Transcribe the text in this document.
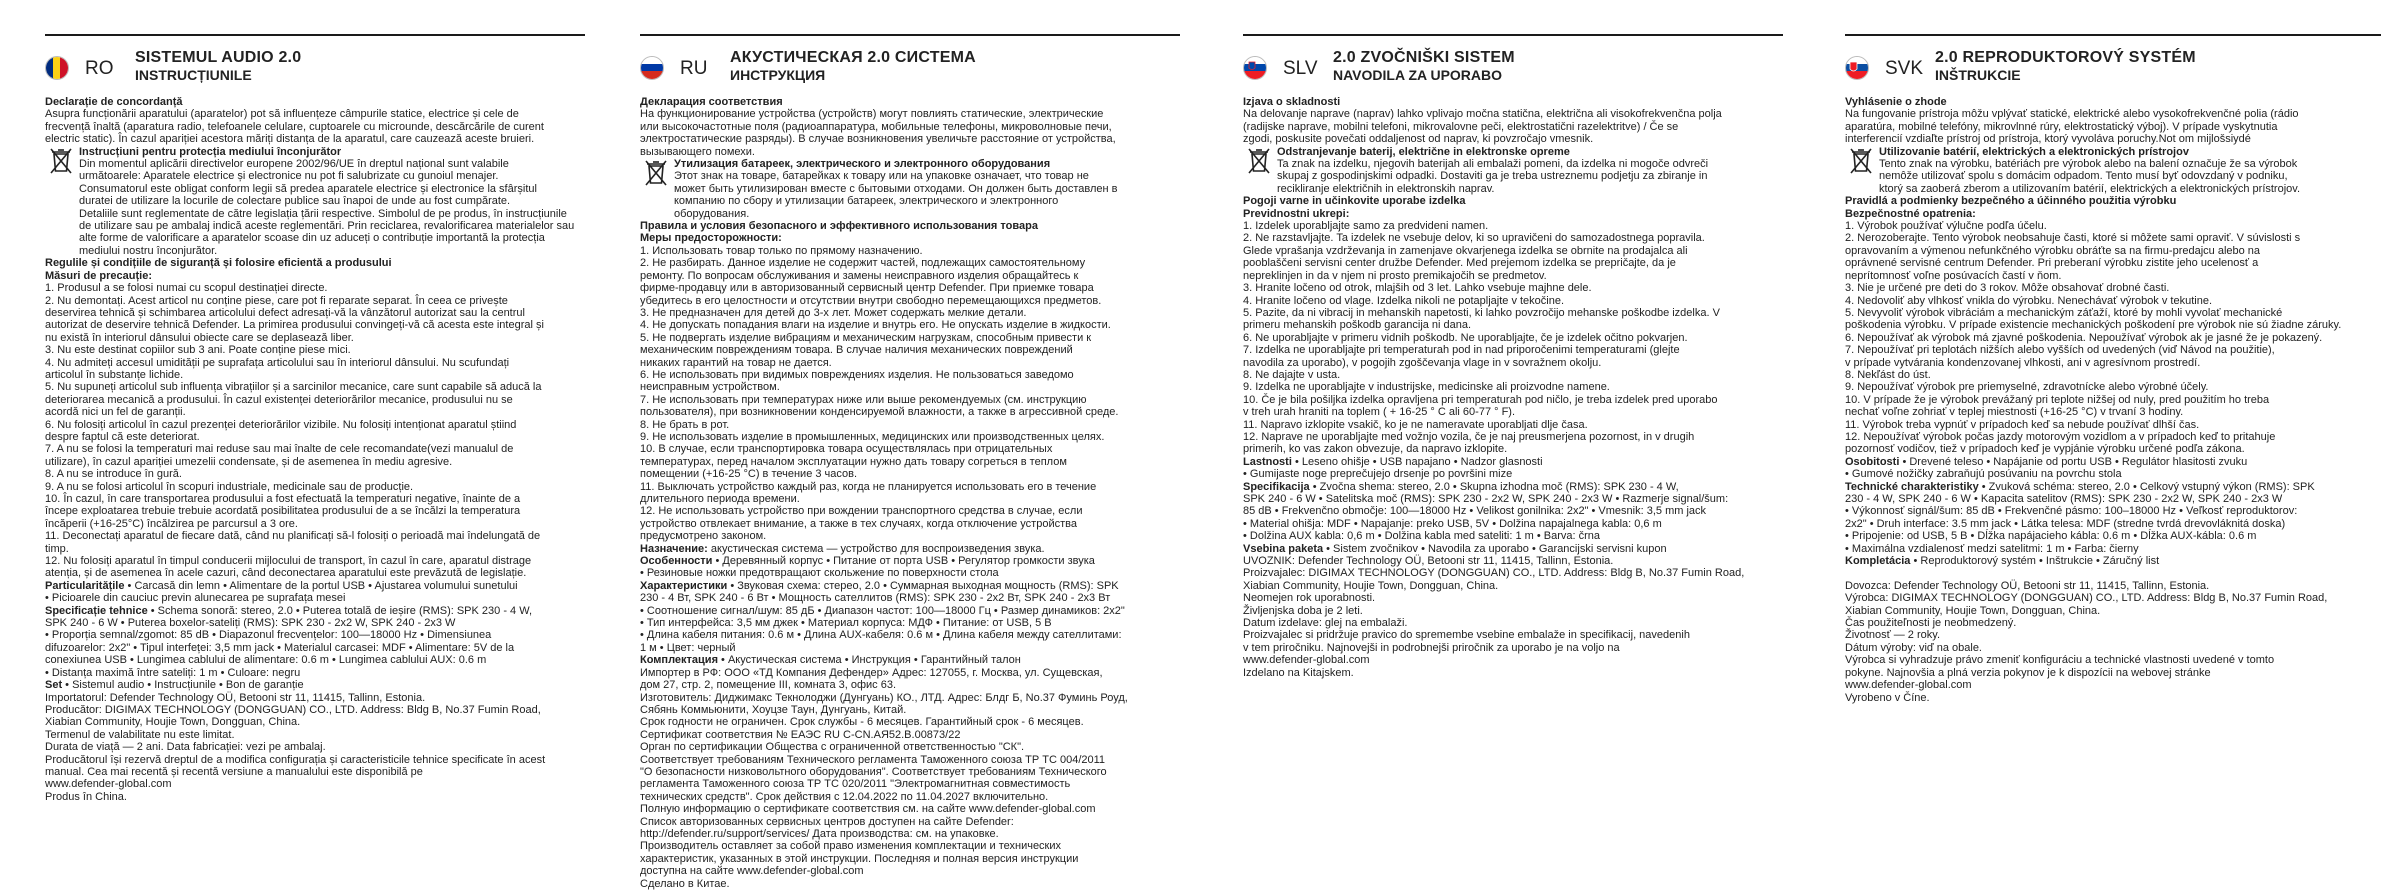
RO
SISTEMUL AUDIO 2.0
INSTRUCȚIUNILE

Declarație de concordanță

Asupra funcționării aparatului (aparatelor) pot să influențeze câmpurile statice, electrice și cele de

frecvență înaltă (aparatura radio, telefoanele celulare, cuptoarele cu microunde, descărcările de curent

electric static). În cazul apariției acestora măriți distanța de la aparatul, care cauzează aceste bruieri.

Instrucțiuni pentru protecția mediului înconjurător

Din momentul aplicării directivelor europene 2002/96/UE în dreptul național sunt valabile

următoarele: Aparatele electrice și electronice nu pot fi salubrizate cu gunoiul menajer.

Consumatorul este obligat conform legii să predea aparatele electrice și electronice la sfârșitul

duratei de utilizare la locurile de colectare publice sau înapoi de unde au fost cumpărate.

Detaliile sunt reglementate de către legislația țării respective. Simbolul de pe produs, în instrucțiunile

de utilizare sau pe ambalaj indică aceste reglementări. Prin reciclarea, revalorificarea materialelor sau

alte forme de valorificare a aparatelor scoase din uz aduceți o contribuție importantă la protecția

mediului nostru înconjurător.

Regulile și condițiile de siguranță și folosire eficientă a produsului

Măsuri de precauție:

1. Produsul a se folosi numai cu scopul destinației directe.

2. Nu demontați. Acest articol nu conține piese, care pot fi reparate separat. În ceea ce privește

deservirea tehnică și schimbarea articolului defect adresați-vă la vânzătorul autorizat sau la centrul

autorizat de deservire tehnică Defender. La primirea produsului convingeți-vă că acesta este integral și

nu există în interiorul dânsului obiecte care se deplasează liber.

3. Nu este destinat copiilor sub 3 ani. Poate conține piese mici.

4. Nu admiteți accesul umidității pe suprafața articolului sau în interiorul dânsului. Nu scufundați

articolul în substanțe lichide.

5. Nu supuneți articolul sub influența vibrațiilor și a sarcinilor mecanice, care sunt capabile să aducă la

deteriorarea mecanică a produsului. În cazul existenței deteriorărilor mecanice, produsului nu se

acordă nici un fel de garanții.

6. Nu folosiți articolul în cazul prezenței deteriorărilor vizibile. Nu folosiți intenționat aparatul știind

despre faptul că este deteriorat.

7. A nu se folosi la temperaturi mai reduse sau mai înalte de cele recomandate(vezi manualul de

utilizare), în cazul apariției umezelii condensate, și de asemenea în mediu agresive.

8. A nu se introduce în gură.

9. A nu se folosi articolul în scopuri industriale, medicinale sau de producție.

10. În cazul, în care transportarea produsului a fost efectuată la temperaturi negative, înainte de a

începe exploatarea trebuie trebuie acordată posibilitatea produsului de a se încălzi la temperatura

încăperii (+16-25°C) încălzirea pe parcursul a 3 ore.

11. Deconectați aparatul de fiecare dată, când nu planificați să-l folosiți o perioadă mai îndelungată de

timp.

12. Nu folosiți aparatul în timpul conducerii mijlocului de transport, în cazul în care, aparatul distrage

atenția, și de asemenea în acele cazuri, când deconectarea aparatului este prevăzută de legislație.

Particularitățile • Carcasă din lemn • Alimentare de la portul USB • Ajustarea volumului sunetului

• Picioarele din cauciuc previn alunecarea pe suprafața mesei

Specificație tehnice • Schema sonoră: stereo, 2.0 • Puterea totală de ieșire (RMS): SPK 230 - 4 W,

SPK 240 - 6 W • Puterea boxelor-sateliți (RMS): SPK 230 - 2x2 W, SPK 240 - 2x3 W

• Proporția semnal/zgomot: 85 dB • Diapazonul frecvențelor: 100—18000 Hz • Dimensiunea

difuzoarelor: 2x2" • Tipul interfeței: 3,5 mm jack • Materialul carcasei: MDF • Alimentare: 5V de la

conexiunea USB • Lungimea cablului de alimentare: 0.6 m • Lungimea cablului AUX: 0.6 m

• Distanța maximă între sateliți: 1 m • Culoare: negru

Set • Sistemul audio • Instrucțiunile • Bon de garanție

Importatorul: Defender Technology OÜ, Betooni str 11, 11415, Tallinn, Estonia.

Producător: DIGIMAX TECHNOLOGY (DONGGUAN) CO., LTD. Address: Bldg B, No.37 Fumin Road,

Xiabian Community, Houjie Town, Dongguan, China.

Termenul de valabilitate nu este limitat.

Durata de viață — 2 ani. Data fabricației: vezi pe ambalaj.

Producătorul își rezervă dreptul de a modifica configurația și caracteristicile tehnice specificate în acest

manual. Cea mai recentă și recentă versiune a manualului este disponibilă pe

www.defender-global.com

Produs în China.

RU
АКУСТИЧЕСКАЯ 2.0 СИСТЕМА
ИНСТРУКЦИЯ

Декларация соответствия

На функционирование устройства (устройств) могут повлиять статические, электрические

или высокочастотные поля (радиоаппаратура, мобильные телефоны, микроволновые печи,

электростатические разряды). В случае возникновения увеличьте расстояние от устройства,

вызывающего помехи.

Утилизация батареек, электрического и электронного оборудования

Этот знак на товаре, батарейках к товару или на упаковке означает, что товар не

может быть утилизирован вместе с бытовыми отходами. Он должен быть доставлен в

компанию по сбору и утилизации батареек, электрического и электронного

оборудования.

Правила и условия безопасного и эффективного использования товара

Меры предосторожности:

1. Использовать товар только по прямому назначению.

2. Не разбирать. Данное изделие не содержит частей, подлежащих самостоятельному

ремонту. По вопросам обслуживания и замены неисправного изделия обращайтесь к

фирме-продавцу или в авторизованный сервисный центр Defender. При приемке товара

убедитесь в его целостности и отсутствии внутри свободно перемещающихся предметов.

3. Не предназначен для детей до 3-х лет. Может содержать мелкие детали.

4. Не допускать попадания влаги на изделие и внутрь его. Не опускать изделие в жидкости.

5. Не подвергать изделие вибрациям и механическим нагрузкам, способным привести к

механическим повреждениям товара. В случае наличия механических повреждений

никаких гарантий на товар не дается.

6. Не использовать при видимых повреждениях изделия. Не пользоваться заведомо

неисправным устройством.

7. Не использовать при температурах ниже или выше рекомендуемых (см. инструкцию

пользователя), при возникновении конденсируемой влажности, а также в агрессивной среде.

8. Не брать в рот.

9. Не использовать изделие в промышленных, медицинских или производственных целях.

10. В случае, если транспортировка товара осуществлялась при отрицательных

температурах, перед началом эксплуатации нужно дать товару согреться в теплом

помещении (+16-25 °С) в течение 3 часов.

11. Выключать устройство каждый раз, когда не планируется использовать его в течение

длительного периода времени.

12. Не использовать устройство при вождении транспортного средства в случае, если

устройство отвлекает внимание, а также в тех случаях, когда отключение устройства

предусмотрено законом.

Назначение: акустическая система — устройство для воспроизведения звука.

Особенности • Деревянный корпус • Питание от порта USB • Регулятор громкости звука

• Резиновые ножки предотвращают скольжение по поверхности стола

Характеристики • Звуковая схема: стерео, 2.0 • Суммарная выходная мощность (RMS): SPK

230 - 4 Вт, SPK 240 - 6 Вт • Мощность сателлитов (RMS): SPK 230 - 2x2 Вт, SPK 240 - 2x3 Вт

• Соотношение сигнал/шум: 85 дБ • Диапазон частот: 100—18000 Гц • Размер динамиков: 2x2"

• Тип интерфейса: 3,5 мм джек • Материал корпуса: МДФ • Питание: от USB, 5 В

• Длина кабеля питания: 0.6 м • Длина AUX-кабеля: 0.6 м • Длина кабеля между сателлитами:

1 м • Цвет: черный

Комплектация • Акустическая система • Инструкция • Гарантийный талон

Импортер в РФ: ООО «ТД Компания Дефендер» Адрес: 127055, г. Москва, ул. Сущевская,

дом 27, стр. 2, помещение III, комната 3, офис 63.

Изготовитель: Диджимакс Текнолоджи (Дунгуань) КО., ЛТД. Адрес: Блдг Б, No.37 Фуминь Роуд,

Сябянь Коммьюнити, Хоуцзе Таун, Дунгуань, Китай.

Срок годности не ограничен. Срок службы - 6 месяцев. Гарантийный срок - 6 месяцев.

Сертификат соответствия № ЕАЭС RU С-CN.АЯ52.В.00873/22

Орган по сертификации Общества с ограниченной ответственностью "СК".

Соответствует требованиям Технического регламента Таможенного союза ТР ТС 004/2011

"О безопасности низковольтного оборудования". Соответствует требованиям Технического

регламента Таможенного союза ТР ТС 020/2011 "Электромагнитная совместимость

технических средств". Срок действия с 12.04.2022 по 11.04.2027 включительно.

Полную информацию о сертификате соответствия см. на сайте www.defender-global.com

Список авторизованных сервисных центров доступен на сайте Defender:

http://defender.ru/support/services/ Дата производства: см. на упаковке.

Производитель оставляет за собой право изменения комплектации и технических

характеристик, указанных в этой инструкции. Последняя и полная версия инструкции

доступна на сайте www.defender-global.com

Сделано в Китае.

SLV
2.0 ZVOČNIŠKI SISTEM
NAVODILA ZA UPORABO

Izjava o skladnosti

Na delovanje naprave (naprav) lahko vplivajo močna statična, električna ali visokofrekvenčna polja

(radijske naprave, mobilni telefoni, mikrovalovne peči, elektrostatični razelektritve) / Če se

zgodi, poskusite povečati oddaljenost od naprav, ki povzročajo vmesnik.

Odstranjevanje baterij, električne in elektronske opreme

Ta znak na izdelku, njegovih baterijah ali embalaži pomeni, da izdelka ni mogoče odvreči

skupaj z gospodinjskimi odpadki. Dostaviti ga je treba ustreznemu podjetju za zbiranje in

recikliranje električnih in elektronskih naprav.

Pogoji varne in učinkovite uporabe izdelka

Previdnostni ukrepi:

1. Izdelek uporabljajte samo za predvideni namen.

2. Ne razstavljajte. Ta izdelek ne vsebuje delov, ki so upravičeni do samozadostnega popravila.

Glede vprašanja vzdrževanja in zamenjave okvarjenega izdelka se obrnite na prodajalca ali

pooblaščeni servisni center družbe Defender. Med prejemom izdelka se prepričajte, da je

nepreklinjen in da v njem ni prosto premikajočih se predmetov.

3. Hranite ločeno od otrok, mlajših od 3 let. Lahko vsebuje majhne dele.

4. Hranite ločeno od vlage. Izdelka nikoli ne potapljajte v tekočine.

5. Pazite, da ni vibracij in mehanskih napetosti, ki lahko povzročijo mehanske poškodbe izdelka. V

primeru mehanskih poškodb garancija ni dana.

6. Ne uporabljajte v primeru vidnih poškodb. Ne uporabljajte, če je izdelek očitno pokvarjen.

7. Izdelka ne uporabljajte pri temperaturah pod in nad priporočenimi temperaturami (glejte

navodila za uporabo), v pogojih zgoščevanja vlage in v sovražnem okolju.

8. Ne dajajte v usta.

9. Izdelka ne uporabljajte v industrijske, medicinske ali proizvodne namene.

10. Če je bila pošiljka izdelka opravljena pri temperaturah pod ničlo, je treba izdelek pred uporabo

v treh urah hraniti na toplem ( + 16-25 ° C ali 60-77 ° F).

11. Napravo izklopite vsakič, ko je ne nameravate uporabljati dlje časa.

12. Naprave ne uporabljajte med vožnjo vozila, če je naj preusmerjena pozornost, in v drugih

primerih, ko vas zakon obvezuje, da napravo izklopite.

Lastnosti • Leseno ohišje • USB napajano • Nadzor glasnosti

• Gumijaste noge preprečujejo drsenje po površini mize

Specifikacija • Zvočna shema: stereo, 2.0 • Skupna izhodna moč (RMS): SPK 230 - 4 W,

SPK 240 - 6 W • Satelitska moč (RMS): SPK 230 - 2x2 W, SPK 240 - 2x3 W • Razmerje signal/šum:

85 dB • Frekvenčno območje: 100—18000 Hz • Velikost gonilnika: 2x2" • Vmesnik: 3,5 mm jack

• Material ohišja: MDF • Napajanje: preko USB, 5V • Dolžina napajalnega kabla: 0,6 m

• Dolžina AUX kabla: 0,6 m • Dolžina kabla med sateliti: 1 m • Barva: črna

Vsebina paketa • Sistem zvočnikov • Navodila za uporabo • Garancijski servisni kupon

UVOZNIK: Defender Technology OÜ, Betooni str 11, 11415, Tallinn, Estonia.

Proizvajalec: DIGIMAX TECHNOLOGY (DONGGUAN) CO., LTD. Address: Bldg B, No.37 Fumin Road,

Xiabian Community, Houjie Town, Dongguan, China.

Neomejen rok uporabnosti.

Življenjska doba je 2 leti.

Datum izdelave: glej na embalaži.

Proizvajalec si pridržuje pravico do spremembe vsebine embalaže in specifikacij, navedenih

v tem priročniku. Najnovejši in podrobnejši priročnik za uporabo je na voljo na

www.defender-global.com

Izdelano na Kitajskem.

SVK
2.0 REPRODUKTOROVÝ SYSTÉM
INŠTRUKCIE

Vyhlásenie o zhode

Na fungovanie prístroja môžu vplývať statické, elektrické alebo vysokofrekvenčné polia (rádio

aparatúra, mobilné telefóny, mikrovlnné rúry, elektrostatický výboj). V prípade vyskytnutia

interferencií vzdiaľte prístroj od prístroja, ktorý vyvoláva poruchy.Not om mijlošsiydé

Utilizovanie batérií, elektrických a elektronických prístrojov

Tento znak na výrobku, batériách pre výrobok alebo na balení označuje že sa výrobok

nemôže utilizovať spolu s domácim odpadom. Tento musí byť odovzdaný v podniku,

ktorý sa zaoberá zberom a utilizovaním batérií, elektrických a elektronických prístrojov.

Pravidlá a podmienky bezpečného a účinného použitia výrobku

Bezpečnostné opatrenia:

1. Výrobok používať výlučne podľa účelu.

2. Nerozoberajte. Tento výrobok neobsahuje časti, ktoré si môžete sami opraviť. V súvislosti s

opravovaním a výmenou nefunkčného výrobku obráťte sa na firmu-predajcu alebo na

oprávnené servisné centrum Defender. Pri preberaní výrobku zistite jeho ucelenosť a

neprítomnosť voľne posúvacích častí v ňom.

3. Nie je určené pre deti do 3 rokov. Môže obsahovať drobné časti.

4. Nedovoliť aby vlhkosť vnikla do výrobku. Nenechávať výrobok v tekutine.

5. Nevyvoliť výrobok vibráciám a mechanickým záťaží, ktoré by mohli vyvolať mechanické

poškodenia výrobku. V prípade existencie mechanických poškodení pre výrobok nie sú žiadne záruky.

6. Nepoužívať ak výrobok má zjavné poškodenia. Nepoužívať výrobok ak je jasné že je pokazený.

7. Nepoužívať pri teplotách nižších alebo vyšších od uvedených (viď Návod na použitie),

v prípade vytvárania kondenzovanej vlhkosti, ani v agresívnom prostredí.

8. Nekľást do úst.

9. Nepoužívať výrobok pre priemyselné, zdravotnícke alebo výrobné účely.

10. V prípade že je výrobok prevážaný pri teplote nižšej od nuly, pred použitím ho treba

nechať voľne zohriať v teplej miestnosti (+16-25 °C) v trvaní 3 hodiny.

11. Výrobok treba vypnúť v prípadoch keď sa nebude používať dlhší čas.

12. Nepoužívať výrobok počas jazdy motorovým vozidlom a v prípadoch keď to pritahuje

pozornosť vodičov, tiež v prípadoch keď je vypjánie výrobku určené podľa zákona.

Osobitosti • Drevené teleso • Napájanie od portu USB • Regulátor hlasitosti zvuku

• Gumové nožičky zabraňujú posúvaniu na povrchu stola

Technické charakteristiky • Zvuková schéma: stereo, 2.0 • Celkový vstupný výkon (RMS): SPK

230 - 4 W, SPK 240 - 6 W • Kapacita satelitov (RMS): SPK 230 - 2x2 W, SPK 240 - 2x3 W

• Výkonnosť signál/šum: 85 dB • Frekvenčné pásmo: 100–18000 Hz • Veľkosť reproduktorov:

2x2" • Druh interface: 3.5 mm jack • Látka telesa: MDF (stredne tvrdá drevovláknitá doska)

• Pripojenie: od USB, 5 B • Dĺžka napájacieho kábla: 0.6 m • Dĺžka AUX-kábla: 0.6 m

• Maximálna vzdialenosť medzi satelitmi: 1 m • Farba: čierny

Kompletácia • Reproduktorový systém • Inštrukcie • Záručný list

Dovozca: Defender Technology OÜ, Betooni str 11, 11415, Tallinn, Estonia.

Výrobca: DIGIMAX TECHNOLOGY (DONGGUAN) CO., LTD. Address: Bldg B, No.37 Fumin Road,

Xiabian Community, Houjie Town, Dongguan, China.

Čas použiteľnosti je neobmedzený.

Životnosť — 2 roky.

Dátum výroby: viď na obale.

Výrobca si vyhradzuje právo zmeniť konfiguráciu a technické vlastnosti uvedené v tomto

pokyne. Najnovšia a plná verzia pokynov je k dispozícii na webovej stránke

www.defender-global.com

Vyrobeno v Číne.
